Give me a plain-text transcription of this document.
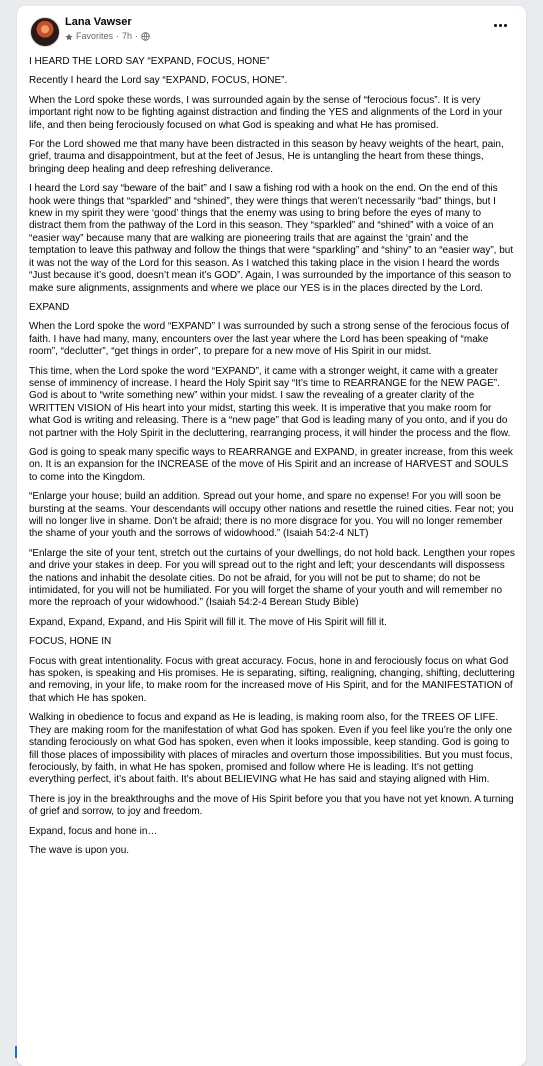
Lana Vawser
Favorites · 7h ·

I HEARD THE LORD SAY “EXPAND, FOCUS, HONE”

Recently I heard the Lord say “EXPAND, FOCUS, HONE”.

When the Lord spoke these words, I was surrounded again by the sense of “ferocious focus”. It is very important right now to be fighting against distraction and finding the YES and alignments of the Lord in your life, and then being ferociously focused on what God is speaking and what He has promised.

For the Lord showed me that many have been distracted in this season by heavy weights of the heart, pain, grief, trauma and disappointment, but at the feet of Jesus, He is untangling the heart from these things, bringing deep healing and deep refreshing deliverance.

I heard the Lord say “beware of the bait” and I saw a fishing rod with a hook on the end. On the end of this hook were things that “sparkled” and “shined”, they were things that weren’t necessarily “bad” things, but I knew in my spirit they were ‘good’ things that the enemy was using to bring before the eyes of many to distract them from the pathway of the Lord in this season. They “sparkled” and “shined” with a voice of an “easier way” because many that are walking are pioneering trails that are against the ‘grain’ and the temptation to leave this pathway and follow the things that were “sparkling” and “shiny” to an “easier way”, but it was not the way of the Lord for this season. As I watched this taking place in the vision I heard the words “Just because it’s good, doesn’t mean it’s GOD”. Again, I was surrounded by the importance of this season to make sure alignments, assignments and where we place our YES is in the places directed by the Lord.

EXPAND

When the Lord spoke the word “EXPAND” I was surrounded by such a strong sense of the ferocious focus of faith. I have had many, many, encounters over the last year where the Lord has been speaking of “make room”, “declutter”, “get things in order”, to prepare for a new move of His Spirit in our midst.

This time, when the Lord spoke the word “EXPAND”, it came with a stronger weight, it came with a greater sense of imminency of increase. I heard the Holy Spirit say “It’s time to REARRANGE for the NEW PAGE”. God is about to “write something new” within your midst. I saw the revealing of a greater clarity of the WRITTEN VISION of His heart into your midst, starting this week. It is imperative that you make room for what God is writing and releasing. There is a “new page” that God is leading many of you onto, and if you do not partner with the Holy Spirit in the decluttering, rearranging process, it will hinder the process and the flow.

God is going to speak many specific ways to REARRANGE and EXPAND, in greater increase, from this week on. It is an expansion for the INCREASE of the move of His Spirit and an increase of HARVEST and SOULS to come into the Kingdom.

“Enlarge your house; build an addition. Spread out your home, and spare no expense! For you will soon be bursting at the seams. Your descendants will occupy other nations and resettle the ruined cities. Fear not; you will no longer live in shame. Don’t be afraid; there is no more disgrace for you. You will no longer remember the shame of your youth and the sorrows of widowhood.” (Isaiah 54:2-4 NLT)

“Enlarge the site of your tent, stretch out the curtains of your dwellings, do not hold back. Lengthen your ropes and drive your stakes in deep. For you will spread out to the right and left; your descendants will dispossess the nations and inhabit the desolate cities. Do not be afraid, for you will not be put to shame; do not be intimidated, for you will not be humiliated. For you will forget the shame of your youth and will remember no more the reproach of your widowhood.” (Isaiah 54:2-4 Berean Study Bible)

Expand, Expand, Expand, and His Spirit will fill it. The move of His Spirit will fill it.

FOCUS, HONE IN

Focus with great intentionality. Focus with great accuracy. Focus, hone in and ferociously focus on what God has spoken, is speaking and His promises. He is separating, sifting, realigning, changing, shifting, decluttering and removing, in your life, to make room for the increased move of His Spirit, and for the MANIFESTATION of that which He has spoken.

Walking in obedience to focus and expand as He is leading, is making room also, for the TREES OF LIFE. They are making room for the manifestation of what God has spoken. Even if you feel like you’re the only one standing ferociously on what God has spoken, even when it looks impossible, keep standing. God is going to fill those places of impossibility with places of miracles and overturn those impossibilities. But you must focus, ferociously, by faith, in what He has spoken, promised and follow where He is leading. It’s not getting everything perfect, it’s about faith. It’s about BELIEVING what He has said and staying aligned with Him.

There is joy in the breakthroughs and the move of His Spirit before you that you have not yet known. A turning of grief and sorrow, to joy and freedom.

Expand, focus and hone in…

The wave is upon you.
